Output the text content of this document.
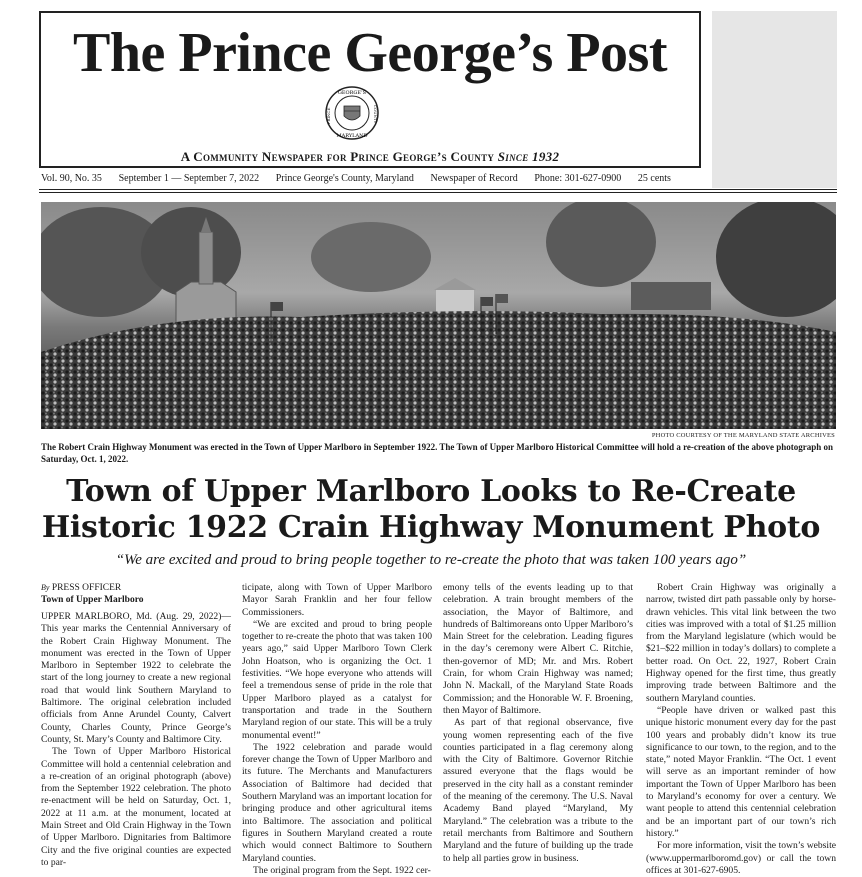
The Prince George’s Post
GEORGE’S
PRINCE	COUNTY
MARYLAND
A Community Newspaper for Prince George’s County Since 1932
Vol. 90, No. 35 September 1 — September 7, 2022 Prince George's County, Maryland Newspaper of Record Phone: 301-627-0900 25 cents
PHOTO COURTESY OF THE MARYLAND STATE ARCHIVES
The Robert Crain Highway Monument was erected in the Town of Upper Marlboro in September 1922. The Town of Upper Marlboro Historical Committee will hold a re-creation of the above photograph on Saturday, Oct. 1, 2022.
Town of Upper Marlboro Looks to Re-Create
Historic 1922 Crain Highway Monument Photo
“We are excited and proud to bring people together to re-create the photo that was taken 100 years ago”
By PRESS OFFICER
Town of Upper Marlboro

UPPER MARLBORO, Md. (Aug. 29, 2022)—This year marks the Centennial Anniversary of the Robert Crain Highway Monument. The monument was erected in the Town of Upper Marlboro in September 1922 to celebrate the start of the long journey to create a new regional road that would link Southern Maryland to Baltimore. The original celebration included officials from Anne Arundel County, Calvert County, Charles County, Prince George’s County, St. Mary’s County and Baltimore City.

The Town of Upper Marlboro Historical Committee will hold a centennial celebration and a re-creation of an original photograph (above) from the September 1922 celebration. The photo re-enactment will be held on Saturday, Oct. 1, 2022 at 11 a.m. at the monument, located at Main Street and Old Crain Highway in the Town of Upper Marlboro. Dignitaries from Baltimore City and the five original counties are expected to par-

ticipate, along with Town of Upper Marlboro Mayor Sarah Franklin and her four fellow Commissioners.

“We are excited and proud to bring people together to re-create the photo that was taken 100 years ago,” said Upper Marlboro Town Clerk John Hoatson, who is organizing the Oct. 1 festivities. “We hope everyone who attends will feel a tremendous sense of pride in the role that Upper Marlboro played as a catalyst for transportation and trade in the Southern Maryland region of our state. This will be a truly monumental event!”

The 1922 celebration and parade would forever change the Town of Upper Marlboro and its future. The Merchants and Manufacturers Association of Baltimore had decided that Southern Maryland was an important location for bringing produce and other agricultural items into Baltimore. The association and political figures in Southern Maryland created a route which would connect Baltimore to Southern Maryland counties.

The original program from the Sept. 1922 cer-

emony tells of the events leading up to that celebration. A train brought members of the association, the Mayor of Baltimore, and hundreds of Baltimoreans onto Upper Marlboro’s Main Street for the celebration. Leading figures in the day’s ceremony were Albert C. Ritchie, then-governor of MD; Mr. and Mrs. Robert Crain, for whom Crain Highway was named; John N. Mackall, of the Maryland State Roads Commission; and the Honorable W. F. Broening, then Mayor of Baltimore.

As part of that regional observance, five young women representing each of the five counties participated in a flag ceremony along with the City of Baltimore. Governor Ritchie assured everyone that the flags would be preserved in the city hall as a constant reminder of the meaning of the ceremony. The U.S. Naval Academy Band played “Maryland, My Maryland.” The celebration was a tribute to the retail merchants from Baltimore and Southern Maryland and the future of building up the trade to help all parties grow in business.

Robert Crain Highway was originally a narrow, twisted dirt path passable only by horse-drawn vehicles. This vital link between the two cities was improved with a total of $1.25 million from the Maryland legislature (which would be $21–$22 million in today’s dollars) to complete a better road. On Oct. 22, 1927, Robert Crain Highway opened for the first time, thus greatly improving trade between Baltimore and the southern Maryland counties.

“People have driven or walked past this unique historic monument every day for the past 100 years and probably didn’t know its true significance to our town, to the region, and to the state,” noted Mayor Franklin. “The Oct. 1 event will serve as an important reminder of how important the Town of Upper Marlboro has been to Maryland’s economy for over a century. We want people to attend this centennial celebration and be an important part of our town’s rich history.”

For more information, visit the town’s website (www.uppermarlboromd.gov) or call the town offices at 301-627-6905.
